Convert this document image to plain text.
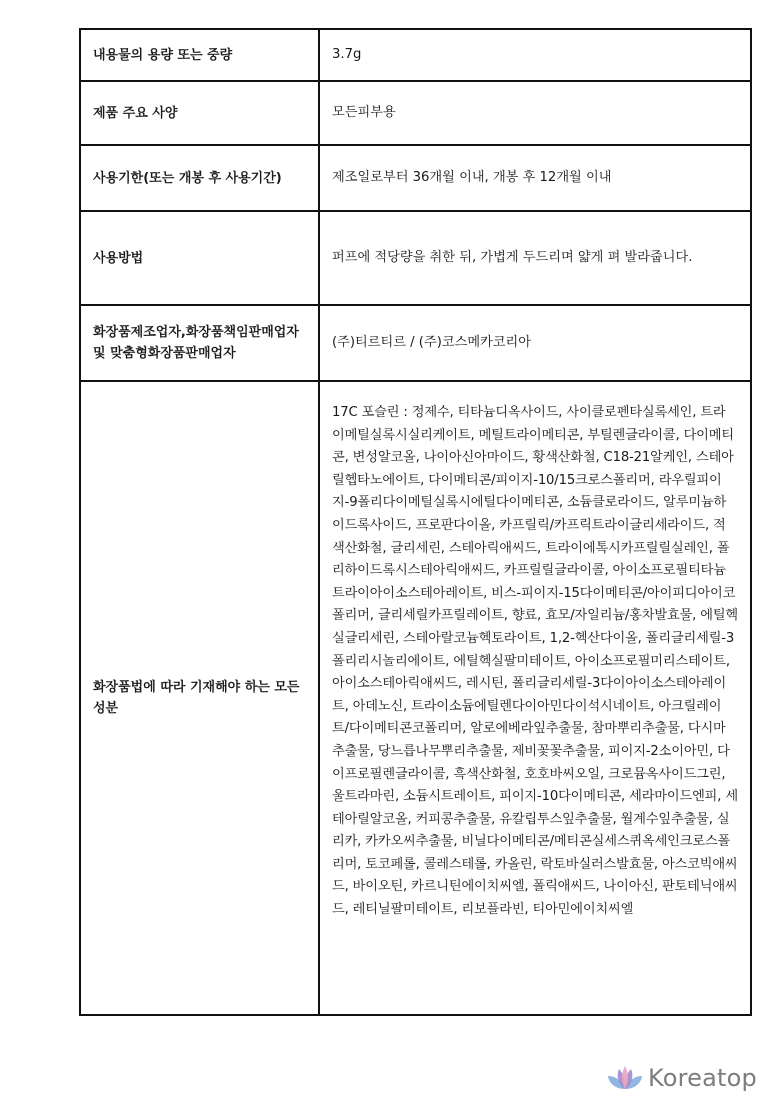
내용물의 용량 또는 중량	3.7g
제품 주요 사양	모든피부용
사용기한(또는 개봉 후 사용기간)	제조일로부터 36개월 이내, 개봉 후 12개월 이내
사용방법	퍼프에 적당량을 취한 뒤, 가볍게 두드리며 얇게 펴 발라줍니다.
화장품제조업자,화장품책임판매업자 및 맞춤형화장품판매업자	(주)티르티르 / (주)코스메카코리아
화장품법에 따라 기재해야 하는 모든 성분	17C 포슬린 : 정제수, 티타늄디옥사이드, 사이클로펜타실록세인, 트라이메틸실록시실리케이트, 메틸트라이메티콘, 부틸렌글라이콜, 다이메티콘, 변성알코올, 나이아신아마이드, 황색산화철, C18-21알케인, 스테아릴헵타노에이트, 다이메티콘/피이지-10/15크로스폴리머, 라우릴피이지-9폴리다이메틸실록시에틸다이메티콘, 소듐클로라이드, 알루미늄하이드록사이드, 프로판다이올, 카프릴릭/카프릭트라이글리세라이드, 적색산화철, 글리세린, 스테아릭애씨드, 트라이에톡시카프릴릴실레인, 폴리하이드록시스테아릭애씨드, 카프릴릴글라이콜, 아이소프로필티타늄트라이아이소스테아레이트, 비스-피이지-15다이메티콘/아이피디아이코폴리머, 글리세릴카프릴레이트, 향료, 효모/자일리늄/홍차발효물, 에틸헥실글리세린, 스테아랄코늄헥토라이트, 1,2-헥산다이올, 폴리글리세릴-3폴리리시놀리에이트, 에틸헥실팔미테이트, 아이소프로필미리스테이트, 아이소스테아릭애씨드, 레시틴, 폴리글리세릴-3다이아이소스테아레이트, 아데노신, 트라이소듐에틸렌다이아민다이석시네이트, 아크릴레이트/다이메티콘코폴리머, 알로에베라잎추출물, 참마뿌리추출물, 다시마추출물, 당느릅나무뿌리추출물, 제비꽃꽃추출물, 피이지-2소이아민, 다이프로필렌글라이콜, 흑색산화철, 호호바씨오일, 크로뮴옥사이드그린, 울트라마린, 소듐시트레이트, 피이지-10다이메티콘, 세라마이드엔피, 세테아릴알코올, 커피콩추출물, 유칼립투스잎추출물, 월계수잎추출물, 실리카, 카카오씨추출물, 비닐다이메티콘/메티콘실세스퀴옥세인크로스폴리머, 토코페롤, 콜레스테롤, 카올린, 락토바실러스발효물, 아스코빅애씨드, 바이오틴, 카르니틴에이치씨엘, 폴릭애씨드, 나이아신, 판토테닉애씨드, 레티닐팔미테이트, 리보플라빈, 티아민에이치씨엘
Koreatop
